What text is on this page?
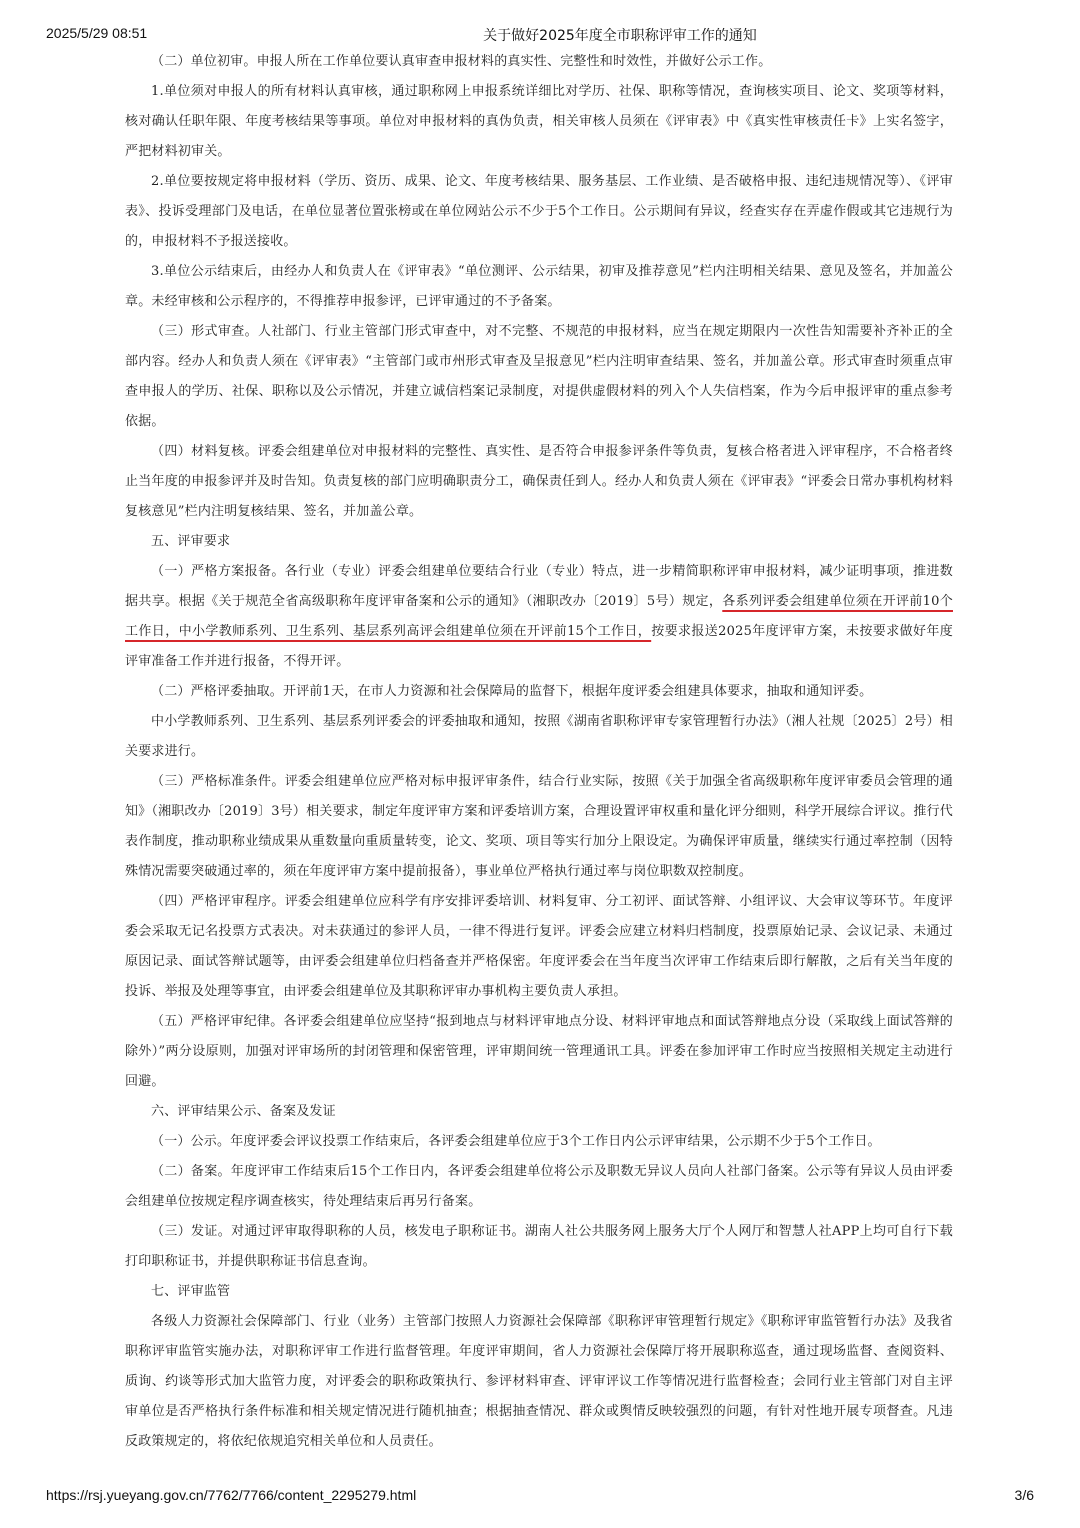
2025/5/29 08:51	关于做好2025年度全市职称评审工作的通知

（二）单位初审。申报人所在工作单位要认真审查申报材料的真实性、完整性和时效性，并做好公示工作。

1.单位须对申报人的所有材料认真审核，通过职称网上申报系统详细比对学历、社保、职称等情况，查询核实项目、论文、奖项等材料，核对确认任职年限、年度考核结果等事项。单位对申报材料的真伪负责，相关审核人员须在《评审表》中《真实性审核责任卡》上实名签字，严把材料初审关。

2.单位要按规定将申报材料（学历、资历、成果、论文、年度考核结果、服务基层、工作业绩、是否破格申报、违纪违规情况等）、《评审表》、投诉受理部门及电话，在单位显著位置张榜或在单位网站公示不少于5个工作日。公示期间有异议，经查实存在弄虚作假或其它违规行为的，申报材料不予报送接收。

3.单位公示结束后，由经办人和负责人在《评审表》“单位测评、公示结果，初审及推荐意见”栏内注明相关结果、意见及签名，并加盖公章。未经审核和公示程序的，不得推荐申报参评，已评审通过的不予备案。

（三）形式审查。人社部门、行业主管部门形式审查中，对不完整、不规范的申报材料，应当在规定期限内一次性告知需要补齐补正的全部内容。经办人和负责人须在《评审表》“主管部门或市州形式审查及呈报意见”栏内注明审查结果、签名，并加盖公章。形式审查时须重点审查申报人的学历、社保、职称以及公示情况，并建立诚信档案记录制度，对提供虚假材料的列入个人失信档案，作为今后申报评审的重点参考依据。

（四）材料复核。评委会组建单位对申报材料的完整性、真实性、是否符合申报参评条件等负责，复核合格者进入评审程序，不合格者终止当年度的申报参评并及时告知。负责复核的部门应明确职责分工，确保责任到人。经办人和负责人须在《评审表》“评委会日常办事机构材料复核意见”栏内注明复核结果、签名，并加盖公章。

五、评审要求

（一）严格方案报备。各行业（专业）评委会组建单位要结合行业（专业）特点，进一步精简职称评审申报材料，减少证明事项，推进数据共享。根据《关于规范全省高级职称年度评审备案和公示的通知》（湘职改办〔2019〕5号）规定，各系列评委会组建单位须在开评前10个工作日，中小学教师系列、卫生系列、基层系列高评会组建单位须在开评前15个工作日，按要求报送2025年度评审方案，未按要求做好年度评审准备工作并进行报备，不得开评。

（二）严格评委抽取。开评前1天，在市人力资源和社会保障局的监督下，根据年度评委会组建具体要求，抽取和通知评委。

中小学教师系列、卫生系列、基层系列评委会的评委抽取和通知，按照《湖南省职称评审专家管理暂行办法》（湘人社规〔2025〕2号）相关要求进行。

（三）严格标准条件。评委会组建单位应严格对标申报评审条件，结合行业实际，按照《关于加强全省高级职称年度评审委员会管理的通知》（湘职改办〔2019〕3号）相关要求，制定年度评审方案和评委培训方案，合理设置评审权重和量化评分细则，科学开展综合评议。推行代表作制度，推动职称业绩成果从重数量向重质量转变，论文、奖项、项目等实行加分上限设定。为确保评审质量，继续实行通过率控制（因特殊情况需要突破通过率的，须在年度评审方案中提前报备），事业单位严格执行通过率与岗位职数双控制度。

（四）严格评审程序。评委会组建单位应科学有序安排评委培训、材料复审、分工初评、面试答辩、小组评议、大会审议等环节。年度评委会采取无记名投票方式表决。对未获通过的参评人员，一律不得进行复评。评委会应建立材料归档制度，投票原始记录、会议记录、未通过原因记录、面试答辩试题等，由评委会组建单位归档备查并严格保密。年度评委会在当年度当次评审工作结束后即行解散，之后有关当年度的投诉、举报及处理等事宜，由评委会组建单位及其职称评审办事机构主要负责人承担。

（五）严格评审纪律。各评委会组建单位应坚持“报到地点与材料评审地点分设、材料评审地点和面试答辩地点分设（采取线上面试答辩的除外）”两分设原则，加强对评审场所的封闭管理和保密管理，评审期间统一管理通讯工具。评委在参加评审工作时应当按照相关规定主动进行回避。

六、评审结果公示、备案及发证

（一）公示。年度评委会评议投票工作结束后，各评委会组建单位应于3个工作日内公示评审结果，公示期不少于5个工作日。

（二）备案。年度评审工作结束后15个工作日内，各评委会组建单位将公示及职数无异议人员向人社部门备案。公示等有异议人员由评委会组建单位按规定程序调查核实，待处理结束后再另行备案。

（三）发证。对通过评审取得职称的人员，核发电子职称证书。湖南人社公共服务网上服务大厅个人网厅和智慧人社APP上均可自行下载打印职称证书，并提供职称证书信息查询。

七、评审监管

各级人力资源社会保障部门、行业（业务）主管部门按照人力资源社会保障部《职称评审管理暂行规定》《职称评审监管暂行办法》及我省职称评审监管实施办法，对职称评审工作进行监督管理。年度评审期间，省人力资源社会保障厅将开展职称巡查，通过现场监督、查阅资料、质询、约谈等形式加大监管力度，对评委会的职称政策执行、参评材料审查、评审评议工作等情况进行监督检查；会同行业主管部门对自主评审单位是否严格执行条件标准和相关规定情况进行随机抽查；根据抽查情况、群众或舆情反映较强烈的问题，有针对性地开展专项督查。凡违反政策规定的，将依纪依规追究相关单位和人员责任。

https://rsj.yueyang.gov.cn/7762/7766/content_2295279.html	3/6
